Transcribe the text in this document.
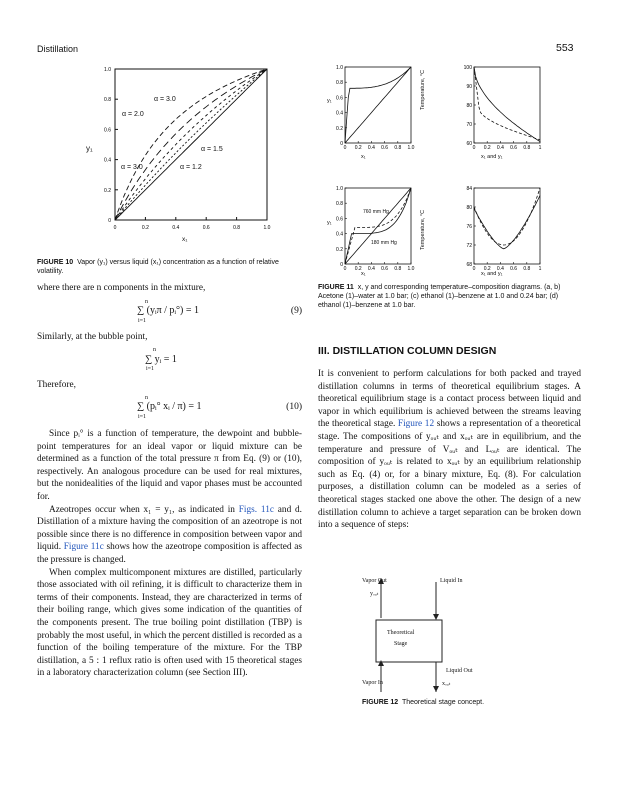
Distillation	553
0	0.2	0.4	0.6	0.8	1.0
0
0.2
0.4
0.6
0.8
1.0
α = 3.0
α = 2.0
α = 3.0
α = 1.5
α = 1.2
y₁
x₁
FIGURE 10 Vapor (y₁) versus liquid (x₁) concentration as a function of relative volatility.
0 0.2 0.4 0.6 0.8 1.0
0
0.2
0.4
0.6
0.8
1.0
0 0.2 0.4 0.6 0.8 1
60
70
80
90
100
0 0.2 0.4 0.6 0.8 1.0
0
0.2
0.4
0.6
0.8
1.0
0 0.2 0.4 0.6 0.8 1
68
72
76
80
84
760 mm Hg
180 mm Hg
x₁	x₁ and y₁
x₁	x₁ and y₁
y₁
y₁
Temperature, °C
Temperature, °C
FIGURE 11 x, y and corresponding temperature–composition diagrams. (a, b) Acetone (1)–water at 1.0 bar; (c) ethanol (1)–benzene at 1.0 and 0.24 bar; (d) ethanol (1)–benzene at 1.0 bar.

where there are n components in the mixture,

n
i=1
∑ (yᵢπ / pᵢ°) = 1	(9)

Similarly, at the bubble point,

n
i=1
∑ yᵢ = 1

Therefore,

n
i=1
∑ (pᵢ° xᵢ / π) = 1	(10)

Since pᵢ° is a function of temperature, the dewpoint and bubble-point temperatures for an ideal vapor or liquid mixture can be determined as a function of the total pressure π from Eq. (9) or (10), respectively. An analogous procedure can be used for real mixtures, but the nonidealities of the liquid and vapor phases must be accounted for.

Azeotropes occur when x₁ = y₁, as indicated in Figs. 11c and d. Distillation of a mixture having the composition of an azeotrope is not possible since there is no difference in composition between vapor and liquid. Figure 11c shows how the azeotrope composition is affected as the pressure is changed.

When complex multicomponent mixtures are distilled, particularly those associated with oil refining, it is difficult to characterize them in terms of their components. Instead, they are characterized in terms of their boiling range, which gives some indication of the quantities of the components present. The true boiling point distillation (TBP) is probably the most useful, in which the percent distilled is recorded as a function of the boiling temperature of the mixture. For the TBP distillation, a 5 : 1 reflux ratio is often used with 15 theoretical stages in a laboratory characterization column (see Section III).

III. DISTILLATION COLUMN DESIGN

It is convenient to perform calculations for both packed and trayed distillation columns in terms of theoretical equilibrium stages. A theoretical equilibrium stage is a contact process between liquid and vapor in which equilibrium is achieved between the streams leaving the theoretical stage. Figure 12 shows a representation of a theoretical stage. The compositions of yₒᵤₜ and xₒᵤₜ are in equilibrium, and the temperature and pressure of Vₒᵤₜ and Lₒᵤₜ are identical. The composition of yₒᵤₜ is related to xₒᵤₜ by an equilibrium relationship such as Eq. (4) or, for a binary mixture, Eq. (8). For calculation purposes, a distillation column can be modeled as a series of theoretical stages stacked one above the other. The design of a new distillation column to achieve a target separation can be broken down into a sequence of steps:

Vapor Out	Liquid In
yₒᵤₜ
Theoretical
Stage
Liquid Out
Vapor In	xₒᵤₜ
FIGURE 12 Theoretical stage concept.
